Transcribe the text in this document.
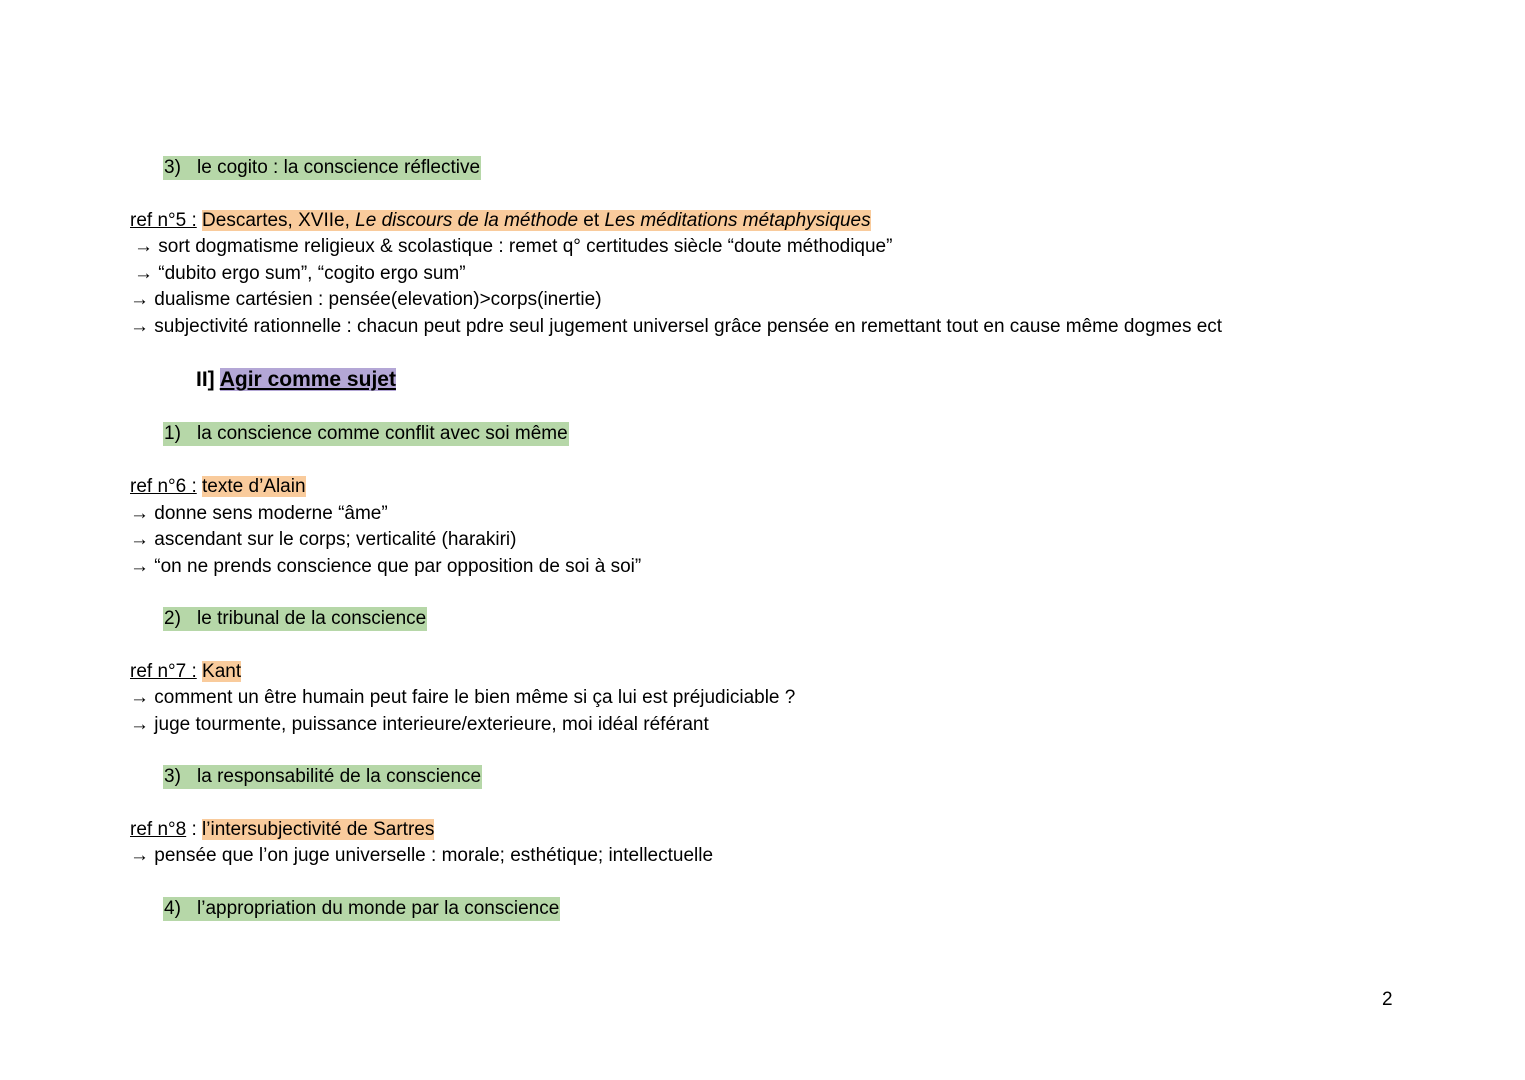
3) le cogito : la conscience réflective
ref n°5 : Descartes, XVIIe, Le discours de la méthode et Les méditations métaphysiques
→ sort dogmatisme religieux & scolastique : remet q° certitudes siècle “doute méthodique”
→ “dubito ergo sum”, “cogito ergo sum”
→ dualisme cartésien : pensée(elevation)>corps(inertie)
→ subjectivité rationnelle : chacun peut pdre seul jugement universel grâce pensée en remettant tout en cause même dogmes ect
II] Agir comme sujet
1) la conscience comme conflit avec soi même
ref n°6 : texte d’Alain
→ donne sens moderne “âme”
→ ascendant sur le corps; verticalité (harakiri)
→ “on ne prends conscience que par opposition de soi à soi”
2) le tribunal de la conscience
ref n°7 : Kant
→ comment un être humain peut faire le bien même si ça lui est préjudiciable ?
→ juge tourmente, puissance interieure/exterieure, moi idéal référant
3) la responsabilité de la conscience
ref n°8 : l’intersubjectivité de Sartres
→ pensée que l’on juge universelle : morale; esthétique; intellectuelle
4) l’appropriation du monde par la conscience
2
